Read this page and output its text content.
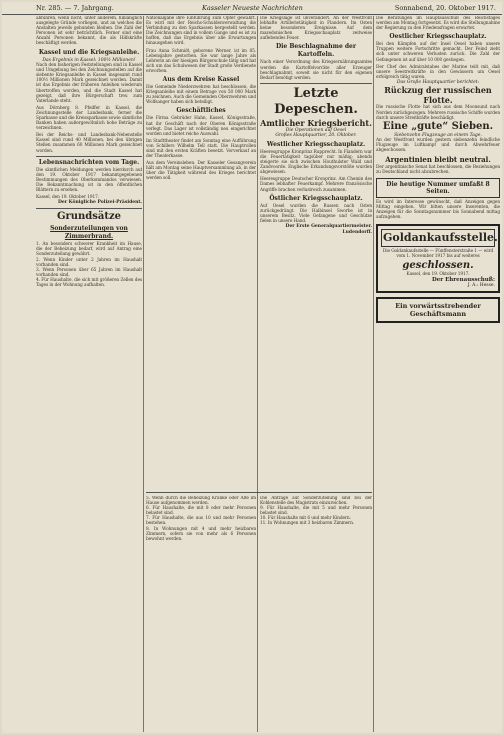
Nr. 285. — 7. Jahrgang.	Kasseler Neueste Nachrichten	Sonnabend, 20. Oktober 1917.
abführen, wenn nicht, unter anderem, hinlänglich ausgelegte Gründe vorliegen, und an welches die Anstalten jeweils gebunden bleiben. Die Zahl der Personen ist sehr beträchtlich. Ferner sind eine Anzahl Personen bekannt, die als Hilfskräfte beschäftigt werden.
Kassel und die Kriegsanleihe.
Das Ergebnis in Kassel: 100½ Millionen!
Nach den bisherigen Feststellungen sind in Kassel und Umgebung bei den Zeichnungsstellen auf die siebente Kriegsanleihe in Kassel insgesamt rund 100½ Millionen Mark gezeichnet worden. Damit ist das Ergebnis der früheren Anleihen wiederum übertroffen worden, und die Stadt Kassel hat gezeigt, daß ihre Bürgerschaft treu zum Vaterlande steht.
Aus Dörnberg 8. Pfeiffer in Kassel, die Zeichnungsstelle der Landesbank, ferner die Sparkasse und die Kreissparkasse sowie sämtliche Banken haben außergewöhnlich hohe Beträge zu verzeichnen.
Bei der Reichs- und Landesbank-Nebenstelle Kassel sind rund 40 Millionen, bei den übrigen Stellen zusammen 60 Millionen Mark gezeichnet worden.
Lebensnachrichten vom Tage.
Die sämtlichen Meldungen werden hierdurch auf den 19. Oktober 1917 bekanntgegebenen Bestimmungen des Oberkommandos verwiesen. Die Bekanntmachung ist in den öffentlichen Blättern zu ersehen.
Kassel, den 19. Oktober 1917.
Der Königliche Polizei-Präsident.
Grundsätze
Sonderzuteilungen von Zimmerbrand.
1. An besonders schwerer Krankheit im Hause, die der Beheizung bedarf, wird auf Antrag eine Sonderzuteilung gewährt.
2. Wenn Kinder unter 2 Jahren im Haushalt vorhanden sind.
3. Wenn Personen über 65 Jahren im Haushalt vorhanden sind.
4. Für Haushalte, die sich mit größeren Zellen des Tages in der Wohnung aufhalten.
Nationalgabe ihre Einführung zum Opfer gewährt. Es wird mit der Reichs-Schuldenverwaltung die Verbindung zu den Sparkassen hergestellt werden. Die Zeichnungen sind in vollem Gange und es ist zu hoffen, daß das Ergebnis über alle Erwartungen hinausgehen wird.
Frau Anna Schmidt, geborene Werner, ist im 85. Lebensjahre gestorben. Sie war lange Jahre als Lehrerin an der hiesigen Bürgerschule tätig und hat sich um das Schulwesen der Stadt große Verdienste erworben.
Aus dem Kreise Kassel
Die Gemeinde Niederzwehren hat beschlossen, die Kriegsanleihe mit einem Betrage von 50 000 Mark zu zeichnen. Auch die Gemeinden Oberzwehren und Wolfsanger haben sich beteiligt.
Geschäftliches
Die Firma Gebrüder Hahn, Kassel, Königsstraße, hat ihr Geschäft nach der Oberen Königsstraße verlegt. Das Lager ist vollständig neu eingerichtet worden und bietet reiche Auswahl.
Im Stadttheater findet am Sonntag eine Aufführung von Schillers Wilhelm Tell statt. Die Hauptrollen sind mit den ersten Kräften besetzt. Vorverkauf an der Theaterkasse.
Aus dem Vereinsleben. Der Kasseler Gesangverein hält am Montag seine Hauptversammlung ab, in der über die Tätigkeit während des Krieges berichtet werden soll.
Die Kriegslage ist unverändert. An der Westfront lebhafte Artillerietätigkeit in Flandern. Im Osten keine besonderen Ereignisse. Auf dem mazedonischen Kriegsschauplatz zeitweise auflebendes Feuer.
Die Beschlagnahme der Kartoffeln.
Nach einer Verordnung des Kriegsernährungsamtes werden die Kartoffelvorräte aller Erzeuger beschlagnahmt, soweit sie nicht für den eigenen Bedarf benötigt werden.
Letzte Depeschen.
Amtlicher Kriegsbericht.
Die Operationen auf Oesel
Großes Hauptquartier, 20. Oktober.
Westlicher Kriegsschauplatz.
Heeresgruppe Kronprinz Rupprecht. In Flandern war die Feuertätigkeit tagsüber nur mäßig; abends steigerte sie sich zwischen Houthulster Wald und Zandvoorde. Englische Erkundungsvorstöße wurden abgewiesen.
Heeresgruppe Deutscher Kronprinz. Am Chemin des Dames lebhafter Feuerkampf. Mehrere französische Angriffe brachen verlustreich zusammen.
Östlicher Kriegsschauplatz.
Auf Oesel wurden die Russen nach Osten zurückgedrängt. Die Halbinsel Sworbe ist in unserem Besitz. Viele Gefangene und Geschütze fielen in unsere Hand.
Der Erste Generalquartiermeister. Ludendorff.
Die Beratungen im Hauptausschuß des Reichstages werden am Montag fortgesetzt. Es wird die Stellungnahme der Regierung zu den Friedensfragen erwartet.
Oestlicher Kriegsschauplatz.
Bei den Kämpfen auf der Insel Oesel haben unsere Truppen weitere Fortschritte gemacht. Der Feind zieht sich unter schweren Verlusten zurück. Die Zahl der Gefangenen ist auf über 10 000 gestiegen.
Der Chef des Admiralstabes der Marine teilt mit, daß unsere Seestreitkräfte in den Gewässern um Oesel erfolgreich tätig waren.
Das Große Hauptquartier berichtet:
Rückzug der russischen Flotte.
Die russische Flotte hat sich aus dem Moonsund nach Norden zurückgezogen. Mehrere russische Schiffe wurden durch unsere Streitkräfte beschädigt.
Eine „gute“ Sieben.
Siebenzehn Flugzeuge an einem Tage.
An der Westfront wurden gestern siebenzehn feindliche Flugzeuge im Luftkampf und durch Abwehrfeuer abgeschossen.
Argentinien bleibt neutral.
Der argentinische Senat hat beschlossen, die Beziehungen zu Deutschland nicht abzubrechen.
Die heutige Nummer umfaßt 8 Seiten.
Es wird im Interesse gewünscht, daß Anzeigen gegen Mittag eingehen. Wir bitten unsere Inserenten, die Anzeigen für die Sonntagsnummer bis Sonnabend mittag aufzugeben.
Goldankaufsstelle.
Die Goldankaufsstelle — Fünffensterstraße 1 — wird vom 1. November 1917 bis auf weiteres
geschlossen.
Kassel, den 19. Oktober 1917.
Der Ehrenausschuß:
J. A.: Hesse.
Ein vorwärtsstrebender Geschäftsmann
5. Wenn durch die Beheizung Kranke oder Alte im Hause aufgenommen werden.
6. Für Haushalte, die mit 8 oder mehr Personen belastet sind.
7. Für Haushalte, die aus 10 und mehr Personen bestehen.
8. In Wohnungen mit 4 und mehr heizbaren Zimmern, sofern sie von mehr als 6 Personen bewohnt werden.
Die Anträge auf Sonderzuteilung sind bei der Kohlenstelle des Magistrats einzureichen.
9. Für Haushalte, die mit 5 und mehr Personen belastet sind.
10. Für Haushalte mit 6 und mehr Kindern.
11. In Wohnungen mit 3 heizbaren Zimmern.
